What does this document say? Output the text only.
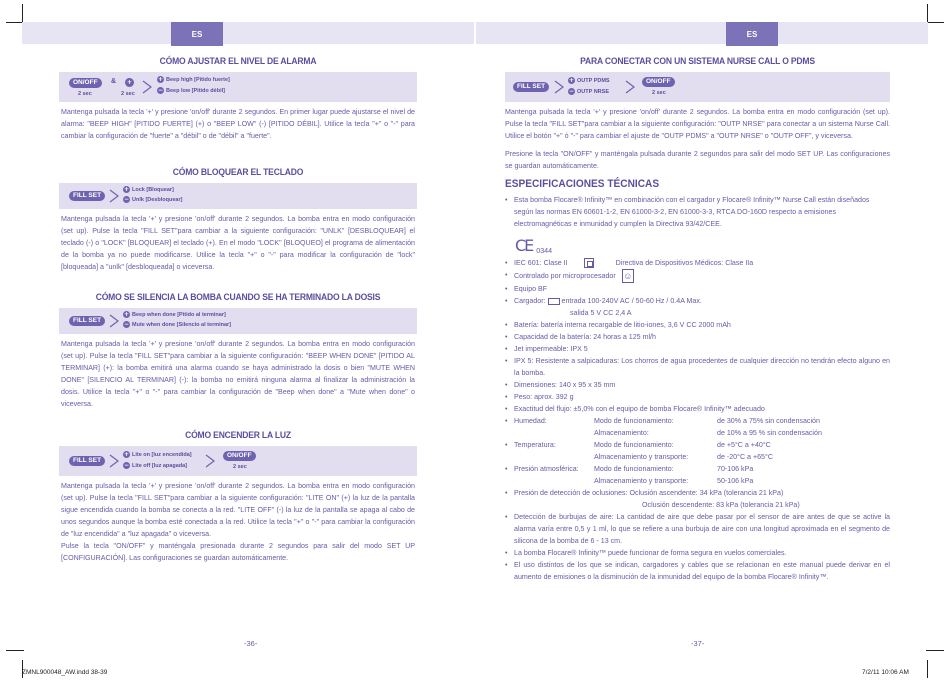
ES	ES
CÓMO AJUSTAR EL NIVEL DE ALARMA
ON/OFF
2 sec
&	+
2 sec
+ Beep high [Pitido fuerte]
− Beep low [Pitido débil]

Mantenga pulsada la tecla '+' y presione 'on/off' durante 2 segundos. En primer lugar puede ajustarse el nivel de alarma: "BEEP HIGH" [PITIDO FUERTE] (+) o "BEEP LOW" (-) [PITIDO DÉBIL]. Utilice la tecla "+" o "-" para cambiar la configuración de "fuerte" a "débil" o de "débil" a "fuerte".

CÓMO BLOQUEAR EL TECLADO
FILL SET
+ Lock [Bloquear]
− Unlk [Desbloquear]

Mantenga pulsada la tecla '+' y presione 'on/off' durante 2 segundos. La bomba entra en modo configuración (set up). Pulse la tecla "FILL SET"para cambiar a la siguiente configuración: "UNLK" [DESBLOQUEAR] el teclado (-) o "LOCK" [BLOQUEAR] el teclado (+). En el modo "LOCK" [BLOQUEO] el programa de alimentación de la bomba ya no puede modificarse. Utilice la tecla "+" o "-" para modificar la configuración de "lock" [bloqueada] a "unlk" [desbloqueada] o viceversa.

CÓMO SE SILENCIA LA BOMBA CUANDO SE HA TERMINADO LA DOSIS
FILL SET
+ Beep when done [Pitido al terminar]
− Mute when done [Silencio al terminar]

Mantenga pulsada la tecla '+' y presione 'on/off' durante 2 segundos. La bomba entra en modo configuración (set up). Pulse la tecla "FILL SET"para cambiar a la siguiente configuración: "BEEP WHEN DONE" [PITIDO AL TERMINAR] (+): la bomba emitirá una alarma cuando se haya administrado la dosis o bien "MUTE WHEN DONE" [SILENCIO AL TERMINAR] (-): la bomba no emitirá ninguna alarma al finalizar la administración la dosis. Utilice la tecla "+" o "-" para cambiar la configuración de "Beep when done" a "Mute when done" o viceversa.

CÓMO ENCENDER LA LUZ
FILL SET
+ Lite on [luz encendida]
− Lite off [luz apagada]
ON/OFF
2 sec

Mantenga pulsada la tecla '+' y presione 'on/off' durante 2 segundos. La bomba entra en modo configuración (set up). Pulse la tecla "FILL SET"para cambiar a la siguiente configuración: "LITE ON" (+) la luz de la pantalla sigue encendida cuando la bomba se conecta a la red. "LITE OFF" (-) la luz de la pantalla se apaga al cabo de unos segundos aunque la bomba esté conectada a la red. Utilice la tecla "+" o "-" para cambiar la configuración de "luz encendida" a "luz apagada" o viceversa.

Pulse la tecla "ON/OFF" y manténgala presionada durante 2 segundos para salir del modo SET UP [CONFIGURACIÓN]. Las configuraciones se guardan automáticamente.

-36-
PARA CONECTAR CON UN SISTEMA NURSE CALL O PDMS
FILL SET
+ OUTP PDMS
− OUTP NRSE
ON/OFF
2 sec

Mantenga pulsada la tecla '+' y presione 'on/off' durante 2 segundos. La bomba entra en modo configuración (set up). Pulse la tecla "FILL SET"para cambiar a la siguiente configuración: "OUTP NRSE" para conectar a un sistema Nurse Call. Utilice el botón "+" ó "-" para cambiar el ajuste de "OUTP PDMS" a "OUTP NRSE" o "OUTP OFF", y viceversa.

Presione la tecla "ON/OFF" y manténgala pulsada durante 2 segundos para salir del modo SET UP. Las configuraciones se guardan automáticamente.

ESPECIFICACIONES TÉCNICAS
• Esta bomba Flocare® Infinity™ en combinación con el cargador y Flocare® Infinity™ Nurse Call están diseñados según las normas EN 60601-1-2, EN 61000-3-2, EN 61000-3-3, RTCA DO-160D respecto a emisiones electromagnéticas e inmunidad y cumplen la Directiva 93/42/CEE.
CE 0344
• IEC 601: Clase II	Directiva de Dispositivos Médicos: Clase IIa
• Controlado por microprocesador ☺
• Equipo BF
• Cargador: entrada 100-240V AC / 50-60 Hz / 0.4A Max.
salida 5 V CC 2,4 A
• Batería: batería interna recargable de litio-iones, 3,6 V CC 2000 mAh
• Capacidad de la batería: 24 horas a 125 ml/h
• Jet impermeable: IPX 5
• IPX 5: Resistente a salpicaduras: Los chorros de agua procedentes de cualquier dirección no tendrán efecto alguno en la bomba.
• Dimensiones: 140 x 95 x 35 mm
• Peso: aprox. 392 g
• Exactitud del flujo: ±5,0% con el equipo de bomba Flocare® Infinity™ adecuado
• Humedad:	Modo de funcionamiento:	de 30% a 75% sin condensación
Almacenamiento:	de 10% a 95 % sin condensación
• Temperatura:	Modo de funcionamiento:	de +5°C a +40°C
Almacenamiento y transporte:	de -20°C a +65°C
• Presión atmosférica:	Modo de funcionamiento:	70-106 kPa
Almacenamiento y transporte:	50-106 kPa
• Presión de detección de oclusiones: Oclusión ascendente: 34 kPa (tolerancia 21 kPa)
Oclusión descendente: 83 kPa (tolerancia 21 kPa)
• Detección de burbujas de aire: La cantidad de aire que debe pasar por el sensor de aire antes de que se active la alarma varía entre 0,5 y 1 ml, lo que se refiere a una burbuja de aire con una longitud aproximada en el segmento de silicona de la bomba de 6 - 13 cm.
• La bomba Flocare® Infinity™ puede funcionar de forma segura en vuelos comerciales.
• El uso distintos de los que se indican, cargadores y cables que se relacionan en este manual puede derivar en el aumento de emisiones o la disminución de la inmunidad del equipo de la bomba Flocare® Infinity™.
-37-
ZMNL900048_AW.indd 38-39	7/2/11 10:06 AM
